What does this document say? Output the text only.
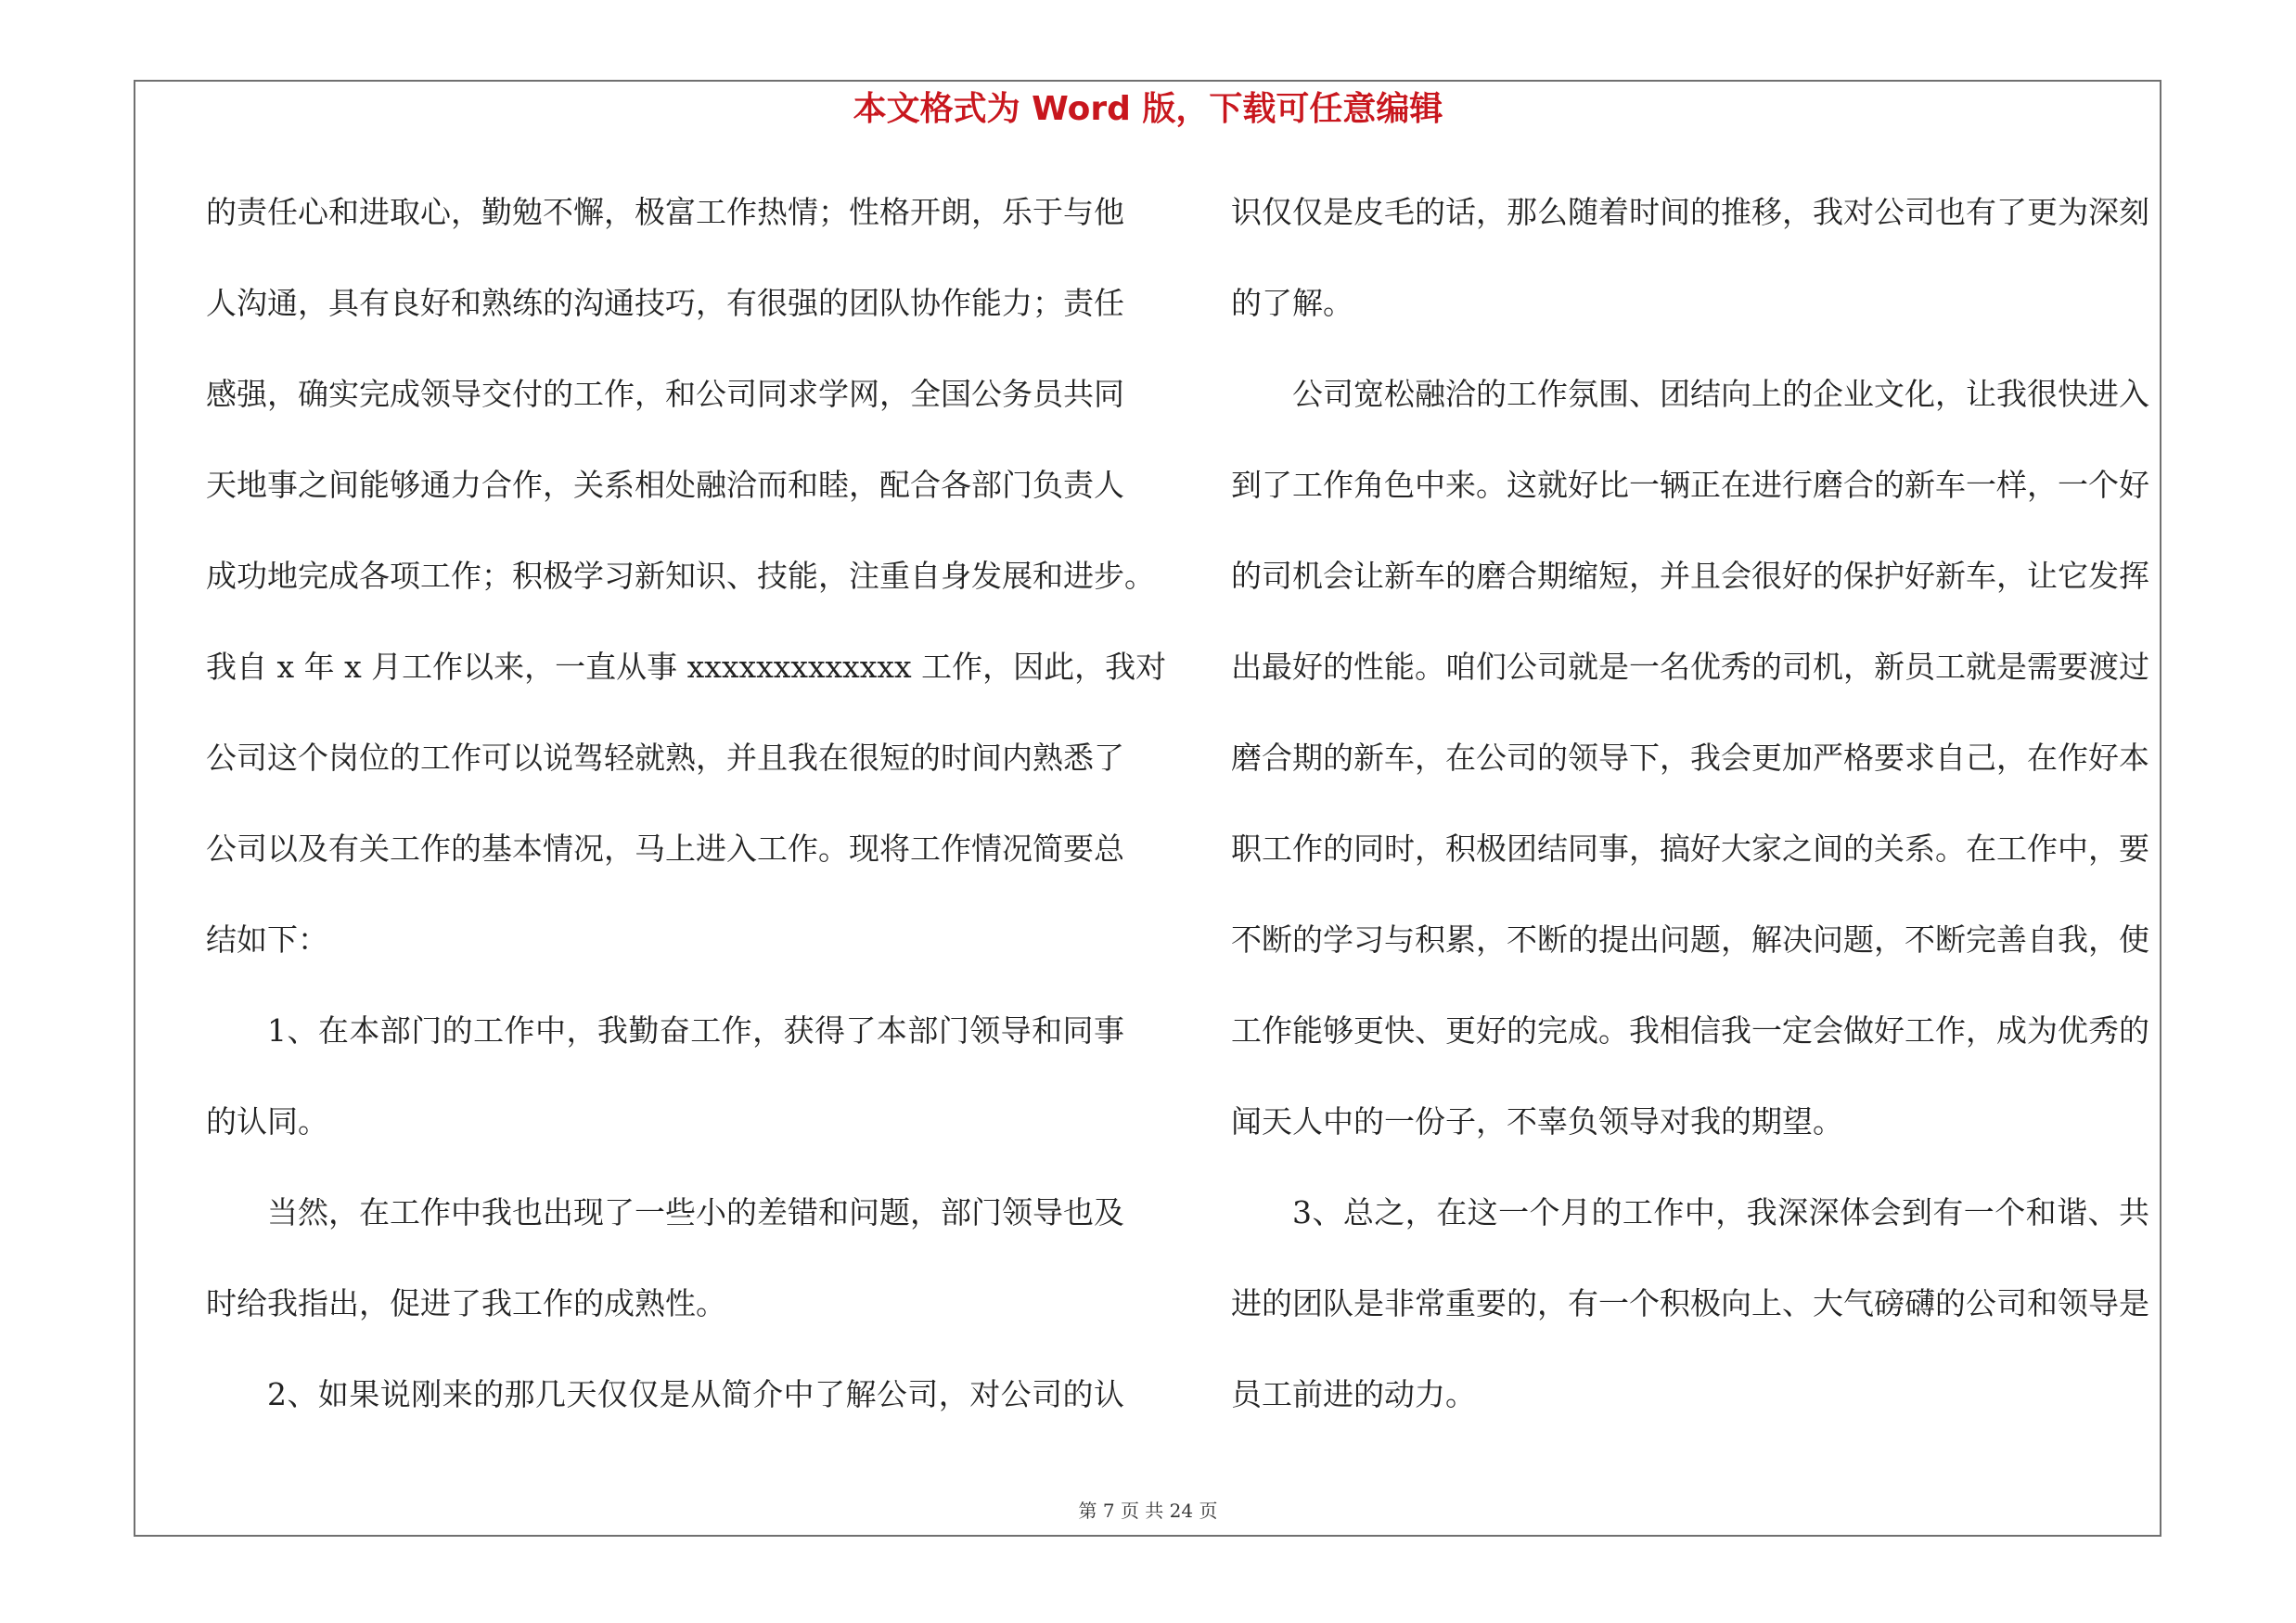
本文格式为 Word 版，下载可任意编辑
的责任心和进取心，勤勉不懈，极富工作热情；性格开朗，乐于与他
人沟通，具有良好和熟练的沟通技巧，有很强的团队协作能力；责任
感强，确实完成领导交付的工作，和公司同求学网，全国公务员共同
天地事之间能够通力合作，关系相处融洽而和睦，配合各部门负责人
成功地完成各项工作；积极学习新知识、技能，注重自身发展和进步。
我自 x 年 x 月工作以来，一直从事 xxxxxxxxxxxxx 工作，因此，我对
公司这个岗位的工作可以说驾轻就熟，并且我在很短的时间内熟悉了
公司以及有关工作的基本情况，马上进入工作。现将工作情况简要总
结如下：
1、在本部门的工作中，我勤奋工作，获得了本部门领导和同事
的认同。
当然，在工作中我也出现了一些小的差错和问题，部门领导也及
时给我指出，促进了我工作的成熟性。
2、如果说刚来的那几天仅仅是从简介中了解公司，对公司的认
识仅仅是皮毛的话，那么随着时间的推移，我对公司也有了更为深刻
的了解。
公司宽松融洽的工作氛围、团结向上的企业文化，让我很快进入
到了工作角色中来。这就好比一辆正在进行磨合的新车一样，一个好
的司机会让新车的磨合期缩短，并且会很好的保护好新车，让它发挥
出最好的性能。咱们公司就是一名优秀的司机，新员工就是需要渡过
磨合期的新车，在公司的领导下，我会更加严格要求自己，在作好本
职工作的同时，积极团结同事，搞好大家之间的关系。在工作中，要
不断的学习与积累，不断的提出问题，解决问题，不断完善自我，使
工作能够更快、更好的完成。我相信我一定会做好工作，成为优秀的
闻天人中的一份子，不辜负领导对我的期望。
3、总之，在这一个月的工作中，我深深体会到有一个和谐、共
进的团队是非常重要的，有一个积极向上、大气磅礴的公司和领导是
员工前进的动力。
第 7 页 共 24 页
